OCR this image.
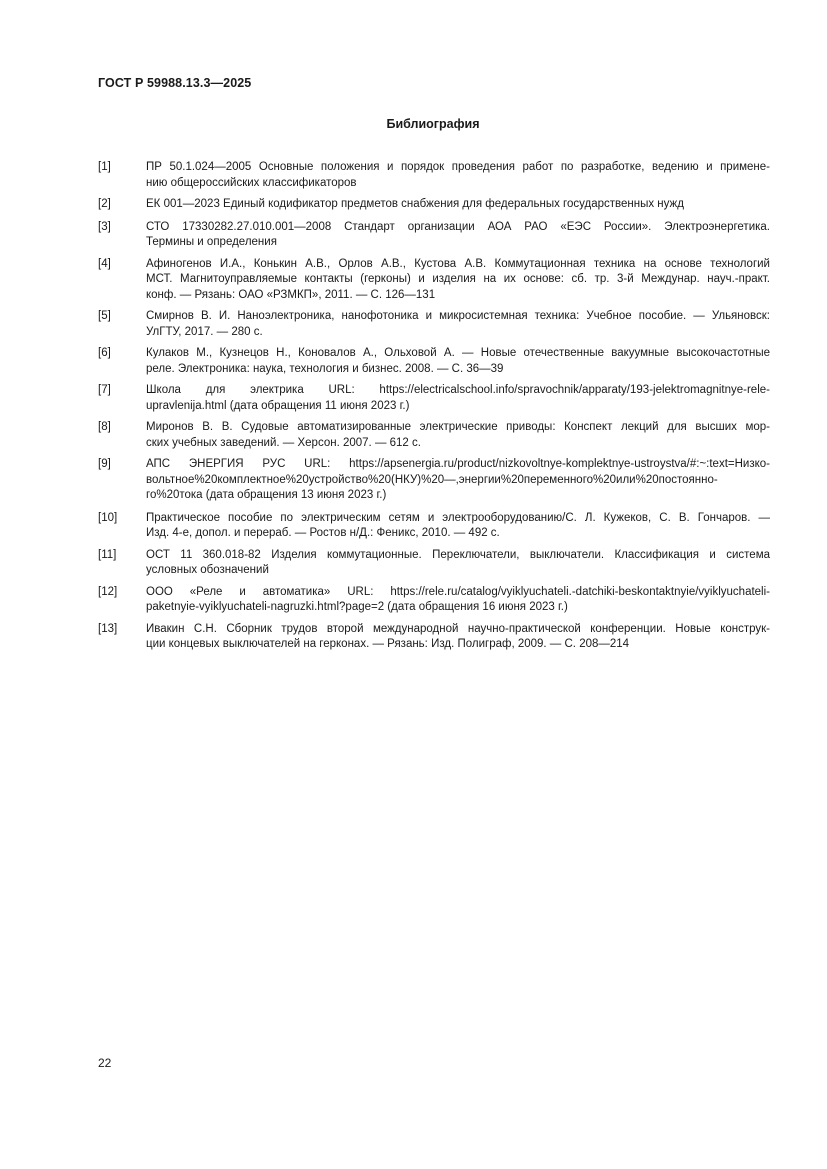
ГОСТ Р 59988.13.3—2025
Библиография
[1]	ПР 50.1.024—2005 Основные положения и порядок проведения работ по разработке, ведению и примене-
нию общероссийских классификаторов
[2]	ЕК 001—2023 Единый кодификатор предметов снабжения для федеральных государственных нужд
[3]	СТО 17330282.27.010.001—2008 Стандарт организации АОА РАО «ЕЭС России». Электроэнергетика.
Термины и определения
[4]	Афиногенов И.А., Конькин А.В., Орлов А.В., Кустова А.В. Коммутационная техника на основе технологий
МСТ. Магнитоуправляемые контакты (герконы) и изделия на их основе: сб. тр. 3-й Междунар. науч.-практ.
конф. — Рязань: ОАО «РЗМКП», 2011. — С. 126—131
[5]	Смирнов В. И. Наноэлектроника, нанофотоника и микросистемная техника: Учебное пособие. — Ульяновск:
УлГТУ, 2017. — 280 с.
[6]	Кулаков М., Кузнецов Н., Коновалов А., Ольховой А. — Новые отечественные вакуумные высокочастотные
реле. Электроника: наука, технология и бизнес. 2008. — С. 36—39
[7]	Школа для электрика URL: https://electricalschool.info/spravochnik/apparaty/193-jelektromagnitnye-rele-
upravlenija.html (дата обращения 11 июня 2023 г.)
[8]	Миронов В. В. Судовые автоматизированные электрические приводы: Конспект лекций для высших мор-
ских учебных заведений. — Херсон. 2007. — 612 с.
[9]	АПС ЭНЕРГИЯ РУС URL: https://apsenergia.ru/product/nizkovoltnye-komplektnye-ustroystva/#:~:text=Низко-
вольтное%20комплектное%20устройство%20(НКУ)%20—,энергии%20переменного%20или%20постоянно-
го%20тока (дата обращения 13 июня 2023 г.)
[10]	Практическое пособие по электрическим сетям и электрооборудованию/С. Л. Кужеков, С. В. Гончаров. —
Изд. 4-е, допол. и перераб. — Ростов н/Д.: Феникс, 2010. — 492 с.
[11]	ОСТ 11 360.018-82 Изделия коммутационные. Переключатели, выключатели. Классификация и система
условных обозначений
[12]	ООО «Реле и автоматика» URL: https://rele.ru/catalog/vyiklyuchateli.-datchiki-beskontaktnyie/vyiklyuchateli-
paketnyie-vyiklyuchateli-nagruzki.html?page=2 (дата обращения 16 июня 2023 г.)
[13]	Ивакин С.Н. Сборник трудов второй международной научно-практической конференции. Новые конструк-
ции концевых выключателей на герконах. — Рязань: Изд. Полиграф, 2009. — С. 208—214
22
